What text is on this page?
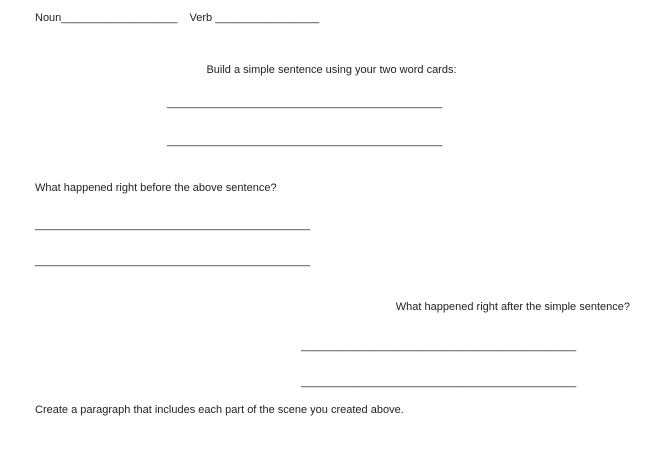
Noun___________________ Verb _________________
Build a simple sentence using your two word cards:
_____________________________________________
_____________________________________________
What happened right before the above sentence?
_____________________________________________
_____________________________________________
What happened right after the simple sentence?
_____________________________________________
_____________________________________________
Create a paragraph that includes each part of the scene you created above.
